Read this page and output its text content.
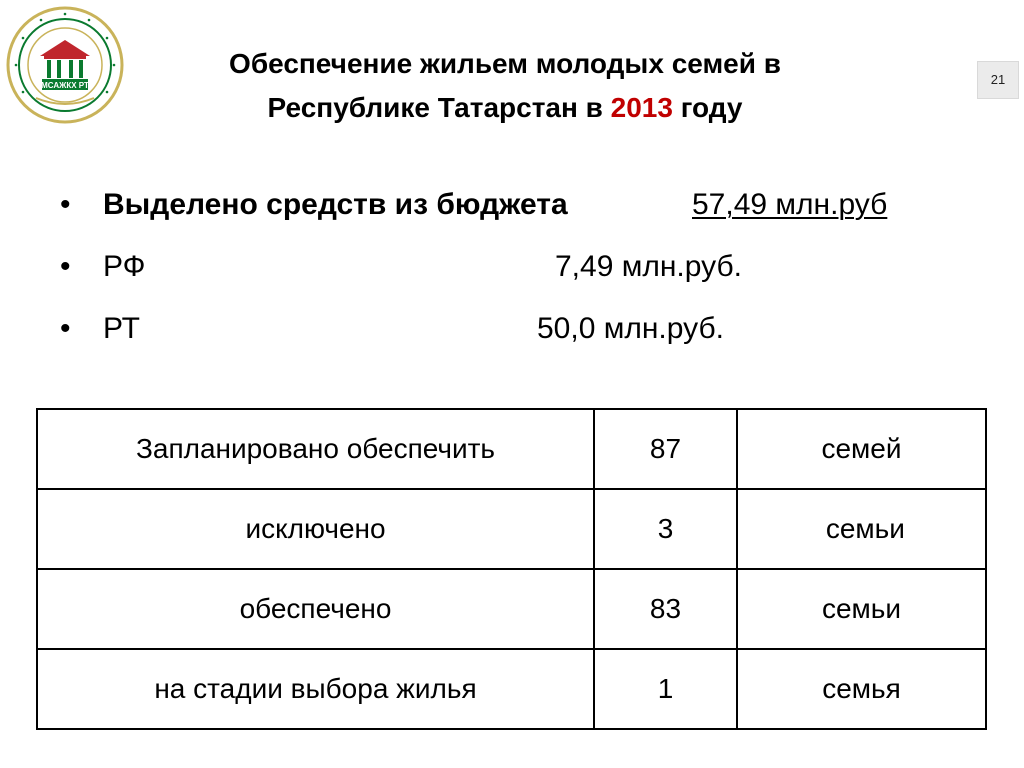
МСАЖКХ РТ
Обеспечение жильем молодых семей в
Республике Татарстан в 2013 году
21
• Выделено средств из бюджета	57,49 млн.руб
• РФ	7,49 млн.руб.
• РТ	50,0 млн.руб.
Запланировано обеспечить	87	семей
исключено	3	семьи
обеспечено	83	семьи
на стадии выбора жилья	1	семья
